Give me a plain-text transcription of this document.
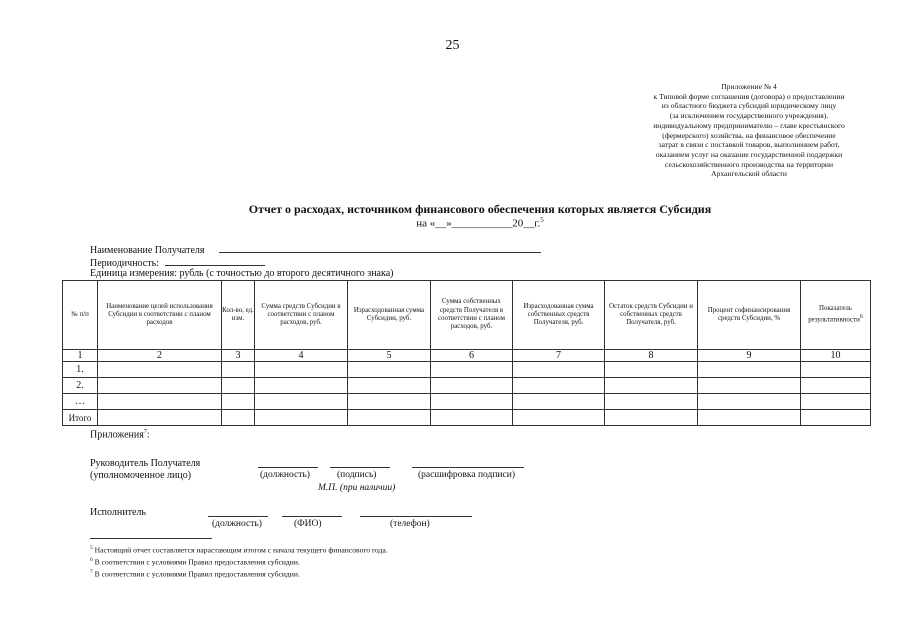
25
Приложение № 4
к Типовой форме соглашения (договора) о предоставлении
из областного бюджета субсидий юридическому лицу
(за исключением государственного учреждения),
индивидуальному предпринимателю – главе крестьянского
(фермерского) хозяйства, на финансовое обеспечение
затрат в связи с поставкой товаров, выполнением работ,
оказанием услуг на оказание государственной поддержки
сельскохозяйственного производства на территории
Архангельской области
Отчет о расходах, источником финансового обеспечения которых является Субсидия
на «__»___________20__г.$^5$
Наименование Получателя
Периодичность:
Единица измерения: рубль (с точностью до второго десятичного знака)
№ п/п	Наименование целей использования Субсидии в соответствии с планом расходов	Кол-во, ед. изм.	Сумма средств Субсидии в соответствии с планом расходов, руб.	Израсходованная сумма Субсидии, руб.	Сумма собственных средств Получателя в соответствии с планом расходов, руб.	Израсходованная сумма собственных средств Получателя, руб.	Остаток средств Субсидии и собственных средств Получателя, руб.	Процент софинансирования средств Субсидии, %	Показатель результативности$^6$
1	2	3	4	5	6	7	8	9	10
1.									
2.									
…									
Итого									
Приложения$^7$:
Руководитель Получателя
(уполномоченное лицо)	(должность)	(подпись)	(расшифровка подписи)
М.П. (при наличии)
Исполнитель
(должность)	(ФИО)	(телефон)
$^5$ Настоящий отчет составляется нарастающим итогом с начала текущего финансового года.
$^6$ В соответствии с условиями Правил предоставления субсидии.
$^7$ В соответствии с условиями Правил предоставления субсидии.
